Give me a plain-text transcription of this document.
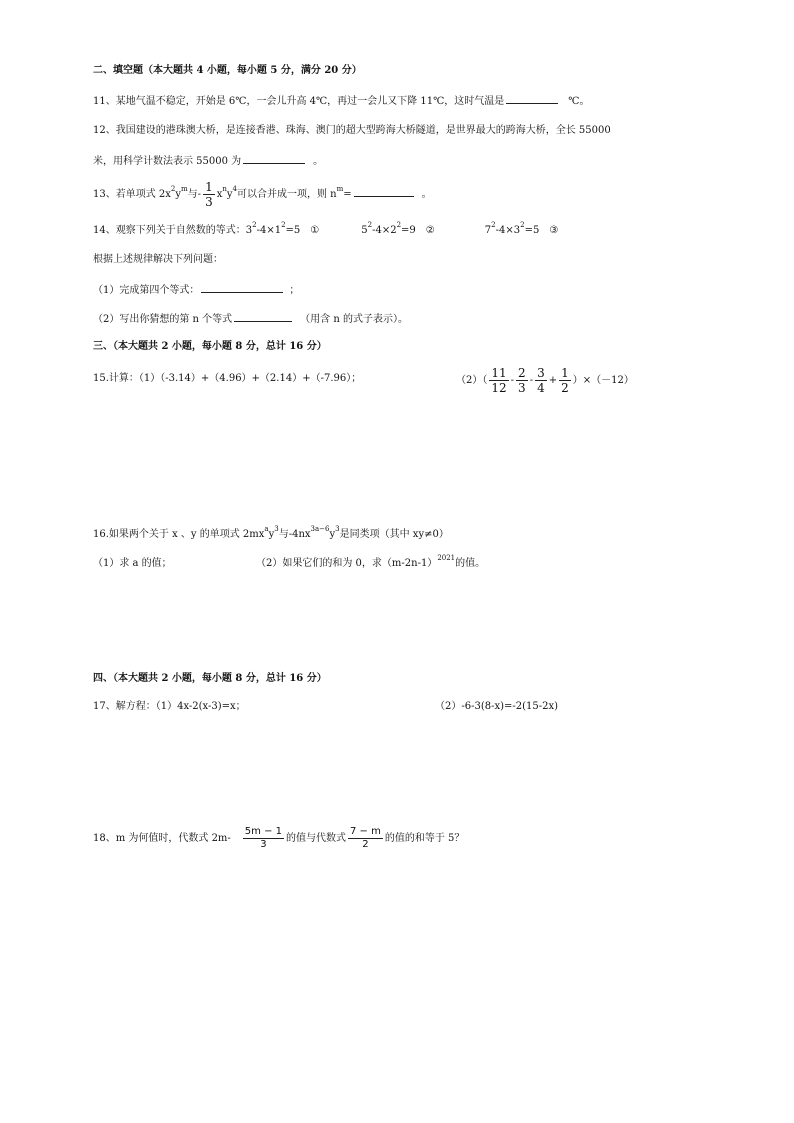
二、填空题（本大题共 4 小题，每小题 5 分，满分 20 分）
11、某地气温不稳定，开始是 6℃，一会儿升高 4℃，再过一会儿又下降 11℃，这时气温是	℃。
12、我国建设的港珠澳大桥，是连接香港、珠海、澳门的超大型跨海大桥隧道，是世界最大的跨海大桥，全长 55000
米，用科学计数法表示 55000 为	。
13、若单项式 $2x^2y^m$与- $\frac{1}{3} x^ny^4$可以合并成一项，则 $n^m=$	。
14、观察下列关于自然数的等式：$3^2-4\times 1^2=5$ ①	$5^2-4\times 2^2=9$ ②	$7^2-4\times 3^2=5$ ③
根据上述规律解决下列问题：
（1）完成第四个等式：	；
（2）写出你猜想的第 n 个等式	（用含 n 的式子表示）。
三、（本大题共 2 小题，每小题 8 分，总计 16 分）
15.计算：（1）（-3.14）+（4.96）+（2.14）+（-7.96）；	$(2)( \frac{11}{12} - \frac{2}{3} - \frac{3}{4} + \frac{1}{2} )\times(-12)$
16.如果两个关于 x 、y 的单项式 $2mx^ay^3$与$-4nx^{3a-6}y^3$是同类项（其中 xy≠0）
（1）求 a 的值；	（2）如果它们的和为 0，求$(m-2n-1)^{2021}$的值。
四、（本大题共 2 小题，每小题 8 分，总计 16 分）
17、解方程：（1）4x-2(x-3)=x；	（2）-6-3(8-x)=-2(15-2x)
18、m 为何值时，代数式 $2m- \frac{5m - 1}{3}$ 的值与代数式 $\frac{7 - m}{2}$ 的值的和等于 5？
